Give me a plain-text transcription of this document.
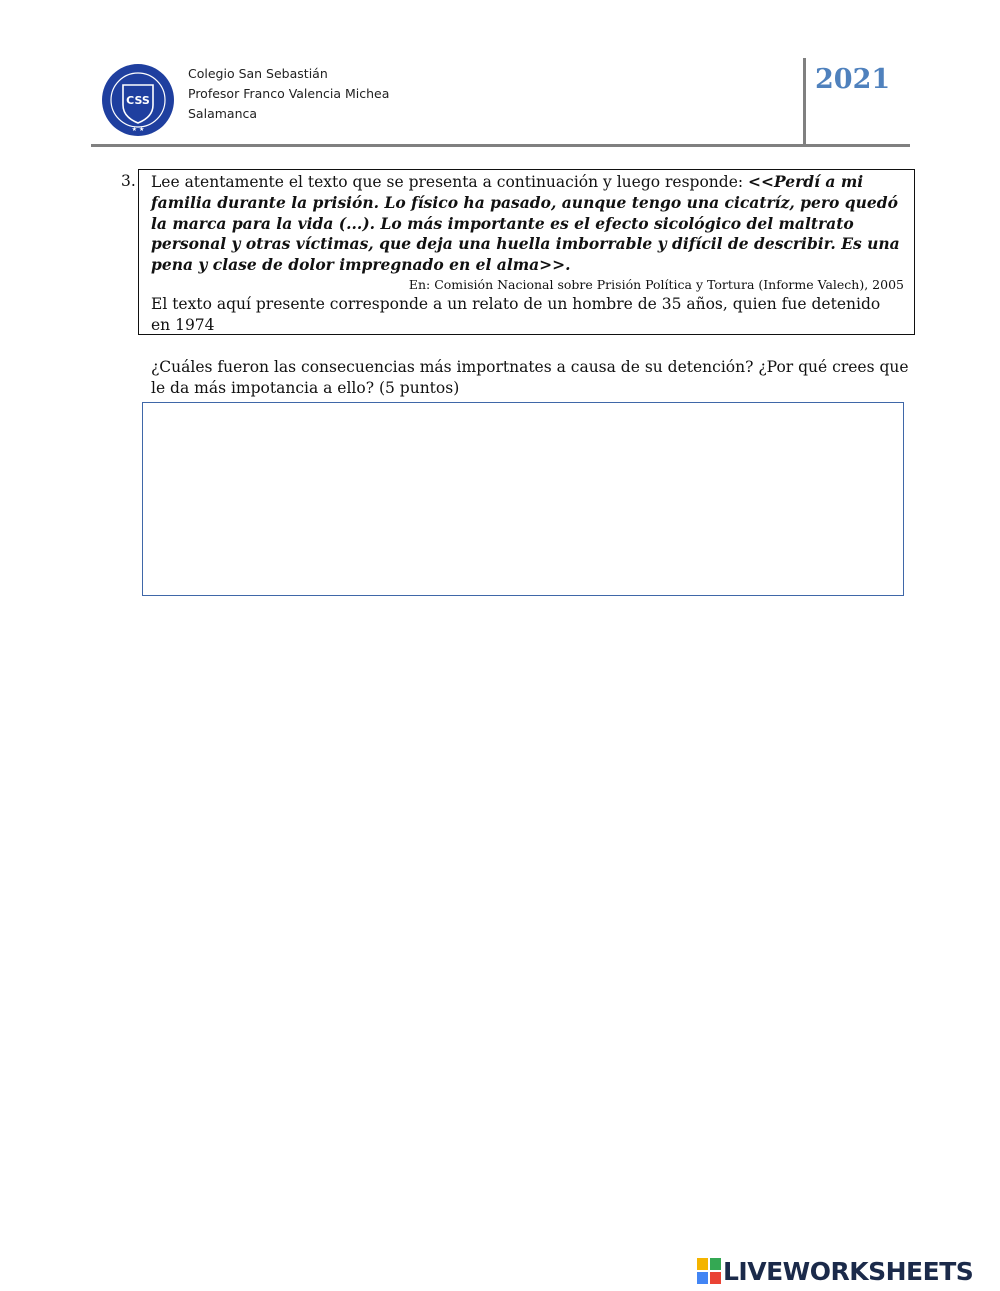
CSS
★ ★
Colegio San Sebastián
Profesor Franco Valencia Michea
Salamanca
2021
3. Lee atentamente el texto que se presenta a continuación y luego responde: <<Perdí a mi familia durante la prisión. Lo físico ha pasado, aunque tengo una cicatríz, pero quedó la marca para la vida (...). Lo más importante es el efecto sicológico del maltrato personal y otras víctimas, que deja una huella imborrable y difícil de describir. Es una pena y clase de dolor impregnado en el alma>>.

En: Comisión Nacional sobre Prisión Política y Tortura (Informe Valech), 2005

El texto aquí presente corresponde a un relato de un hombre de 35 años, quien fue detenido en 1974

¿Cuáles fueron las consecuencias más importnates a causa de su detención? ¿Por qué crees que le da más impotancia a ello? (5 puntos)
LIVEWORKSHEETS
